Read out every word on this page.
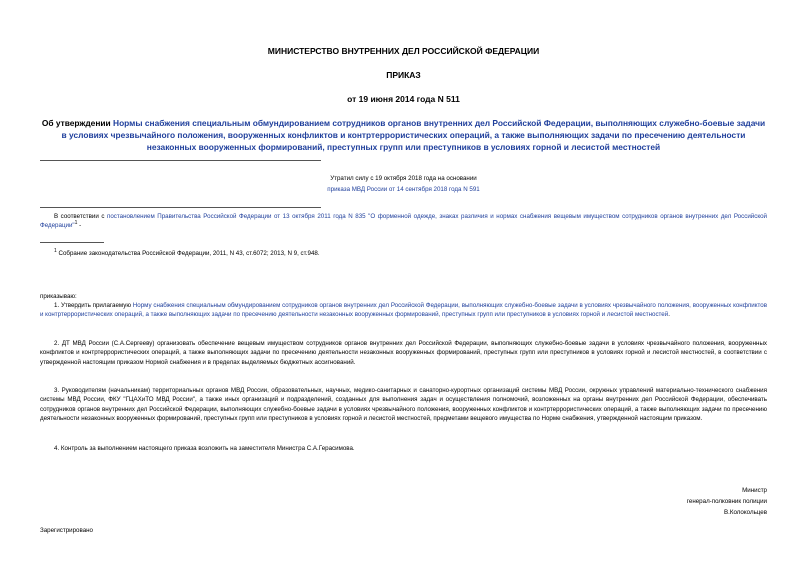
МИНИСТЕРСТВО ВНУТРЕННИХ ДЕЛ РОССИЙСКОЙ ФЕДЕРАЦИИ
ПРИКАЗ
от 19 июня 2014 года N 511
Об утверждении Нормы снабжения специальным обмундированием сотрудников органов внутренних дел Российской Федерации, выполняющих служебно-боевые задачи в условиях чрезвычайного положения, вооруженных конфликтов и контртеррористических операций, а также выполняющих задачи по пресечению деятельности незаконных вооруженных формирований, преступных групп или преступников в условиях горной и лесистой местностей
Утратил силу с 19 октября 2018 года на основании
приказа МВД России от 14 сентября 2018 года N 591
В соответствии с постановлением Правительства Российской Федерации от 13 октября 2011 года N 835 "О форменной одежде, знаках различия и нормах снабжения вещевым имуществом сотрудников органов внутренних дел Российской Федерации"$^1$ -
$^1$ Собрание законодательства Российской Федерации, 2011, N 43, ст.6072; 2013, N 9, ст.948.
приказываю:
1. Утвердить прилагаемую Норму снабжения специальным обмундированием сотрудников органов внутренних дел Российской Федерации, выполняющих служебно-боевые задачи в условиях чрезвычайного положения, вооруженных конфликтов и контртеррористических операций, а также выполняющих задачи по пресечению деятельности незаконных вооруженных формирований, преступных групп или преступников в условиях горной и лесистой местностей.
2. ДТ МВД России (С.А.Сергееву) организовать обеспечение вещевым имуществом сотрудников органов внутренних дел Российской Федерации, выполняющих служебно-боевые задачи в условиях чрезвычайного положения, вооруженных конфликтов и контртеррористических операций, а также выполняющих задачи по пресечению деятельности незаконных вооруженных формирований, преступных групп или преступников в условиях горной и лесистой местностей, в соответствии с утвержденной настоящим приказом Нормой снабжения и в пределах выделяемых бюджетных ассигнований.
3. Руководителям (начальникам) территориальных органов МВД России, образовательных, научных, медико-санитарных и санаторно-курортных организаций системы МВД России, окружных управлений материально-технического снабжения системы МВД России, ФКУ "ГЦАХиТО МВД России", а также иных организаций и подразделений, созданных для выполнения задач и осуществления полномочий, возложенных на органы внутренних дел Российской Федерации, обеспечивать сотрудников органов внутренних дел Российской Федерации, выполняющих служебно-боевые задачи в условиях чрезвычайного положения, вооруженных конфликтов и контртеррористических операций, а также выполняющих задачи по пресечению деятельности незаконных вооруженных формирований, преступных групп или преступников в условиях горной и лесистой местностей, предметами вещевого имущества по Норме снабжения, утвержденной настоящим приказом.
4. Контроль за выполнением настоящего приказа возложить на заместителя Министра С.А.Герасимова.
Министр
генерал-полковник полиции
В.Колокольцев
Зарегистрировано
